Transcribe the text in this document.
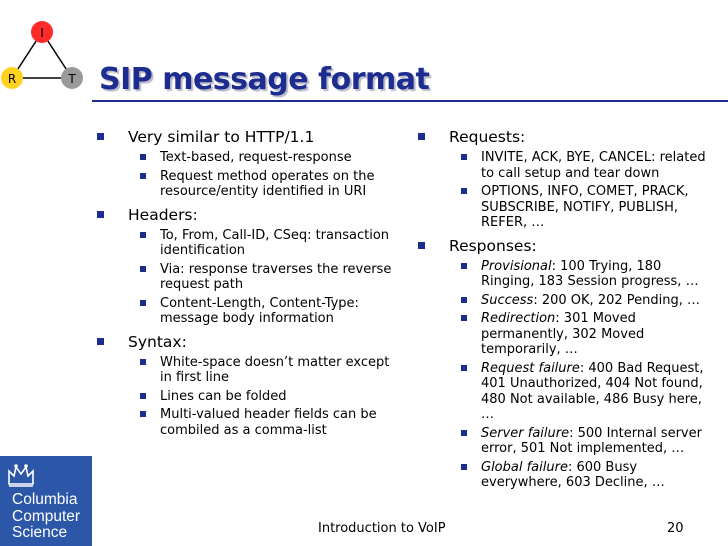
I
R	T SIP message format
Very similar to HTTP/1.1
Text-based, request-response
Request method operates on the resource/entity identified in URI
Headers:
To, From, Call-ID, CSeq: transaction identification
Via: response traverses the reverse request path
Content-Length, Content-Type: message body information
Syntax:
White-space doesn’t matter except in first line
Lines can be folded
Multi-valued header fields can be combiled as a comma-list
Requests:
INVITE, ACK, BYE, CANCEL: related to call setup and tear down
OPTIONS, INFO, COMET, PRACK, SUBSCRIBE, NOTIFY, PUBLISH, REFER, …
Responses:
Provisional: 100 Trying, 180 Ringing, 183 Session progress, …
Success: 200 OK, 202 Pending, …
Redirection: 301 Moved permanently, 302 Moved temporarily, …
Request failure: 400 Bad Request, 401 Unauthorized, 404 Not found, 480 Not available, 486 Busy here, …
Server failure: 500 Internal server error, 501 Not implemented, …
Global failure: 600 Busy everywhere, 603 Decline, …
Columbia
Computer
Science	Introduction to VoIP	20
